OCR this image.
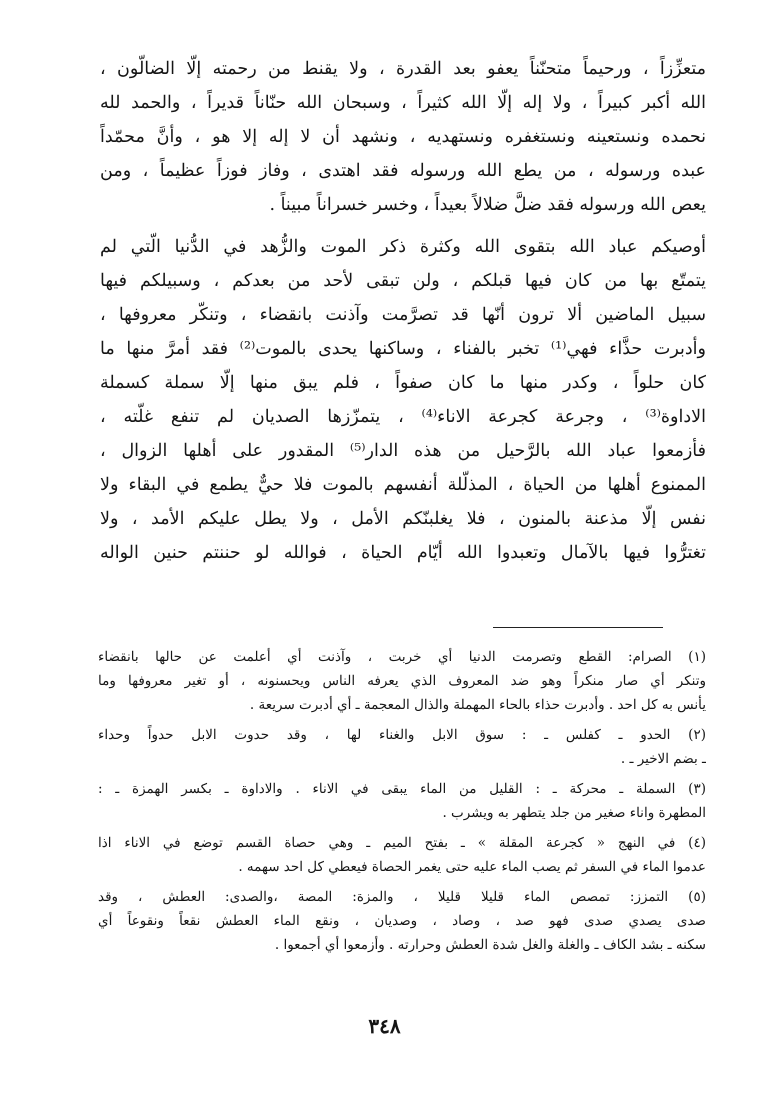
متعزِّزاً ، ورحيماً متحنّناً يعفو بعد القدرة ، ولا يقنط من رحمته إلّا الضالّون ،
الله أكبر كبيراً ، ولا إله إلّا الله كثيراً ، وسبحان الله حنّاناً قديراً ، والحمد لله
نحمده ونستعينه ونستغفره ونستهديه ، ونشهد أن لا إله إلا هو ، وأنَّ محمّداً
عبده ورسوله ، من يطع الله ورسوله فقد اهتدى ، وفاز فوزاً عظيماً ، ومن
يعص الله ورسوله فقد ضلَّ ضلالاً بعيداً ، وخسر خسراناً مبيناً .
أوصيكم عباد الله بتقوى الله وكثرة ذكر الموت والزُّهد في الدُّنيا الّتي لم
يتمتّع بها من كان فيها قبلكم ، ولن تبقى لأحد من بعدكم ، وسبيلكم فيها
سبيل الماضين ألا ترون أنّها قد تصرَّمت وآذنت بانقضاء ، وتنكّر معروفها ،
وأدبرت حذَّاء فهي⁽¹⁾ تخبر بالفناء ، وساكنها يحدى بالموت⁽²⁾ فقد أمرَّ منها ما
كان حلواً ، وكدر منها ما كان صفواً ، فلم يبق منها إلّا سملة كسملة
الاداوة⁽³⁾ ، وجرعة كجرعة الاناء⁽⁴⁾ ، يتمزّزها الصديان لم تنفع غلّته ،
فأزمعوا عباد الله بالرَّحيل من هذه الدار⁽⁵⁾ المقدور على أهلها الزوال ،
الممنوع أهلها من الحياة ، المذلّلة أنفسهم بالموت فلا حيٌّ يطمع في البقاء ولا
نفس إلّا مذعنة بالمنون ، فلا يغلبنّكم الأمل ، ولا يطل عليكم الأمد ، ولا
تغترُّوا فيها بالآمال وتعبدوا الله أيّام الحياة ، فوالله لو حننتم حنين الواله
(١) الصرام: القطع وتصرمت الدنيا أي خربت ، وآذنت أي أعلمت عن حالها بانقضاء
وتنكر أي صار منكراً وهو ضد المعروف الذي يعرفه الناس ويحسنونه ، أو تغير معروفها وما
يأنس به كل احد . وأدبرت حذاء بالحاء المهملة والذال المعجمة ـ أي أدبرت سريعة .
(٢) الحدو ـ كفلس ـ : سوق الابل والغناء لها ، وقد حدوت الابل حدواً وحداء
ـ بضم الاخير ـ .
(٣) السملة ـ محركة ـ : القليل من الماء يبقى في الاناء . والاداوة ـ بكسر الهمزة ـ :
المطهرة واناء صغير من جلد يتطهر به ويشرب .
(٤) في النهج « كجرعة المقلة » ـ بفتح الميم ـ وهي حصاة القسم توضع في الاناء اذا
عدموا الماء في السفر ثم يصب الماء عليه حتى يغمر الحصاة فيعطي كل احد سهمه .
(٥) التمزز: تمصص الماء قليلا قليلا ، والمزة: المصة ،والصدى: العطش ، وقد
صدى يصدي صدى فهو صد ، وصاد ، وصديان ، ونقع الماء العطش نقعاً ونقوعاً أي
سكنه ـ بشد الكاف ـ والغلة والغل شدة العطش وحرارته . وأزمعوا أي أجمعوا .
٣٤٨
